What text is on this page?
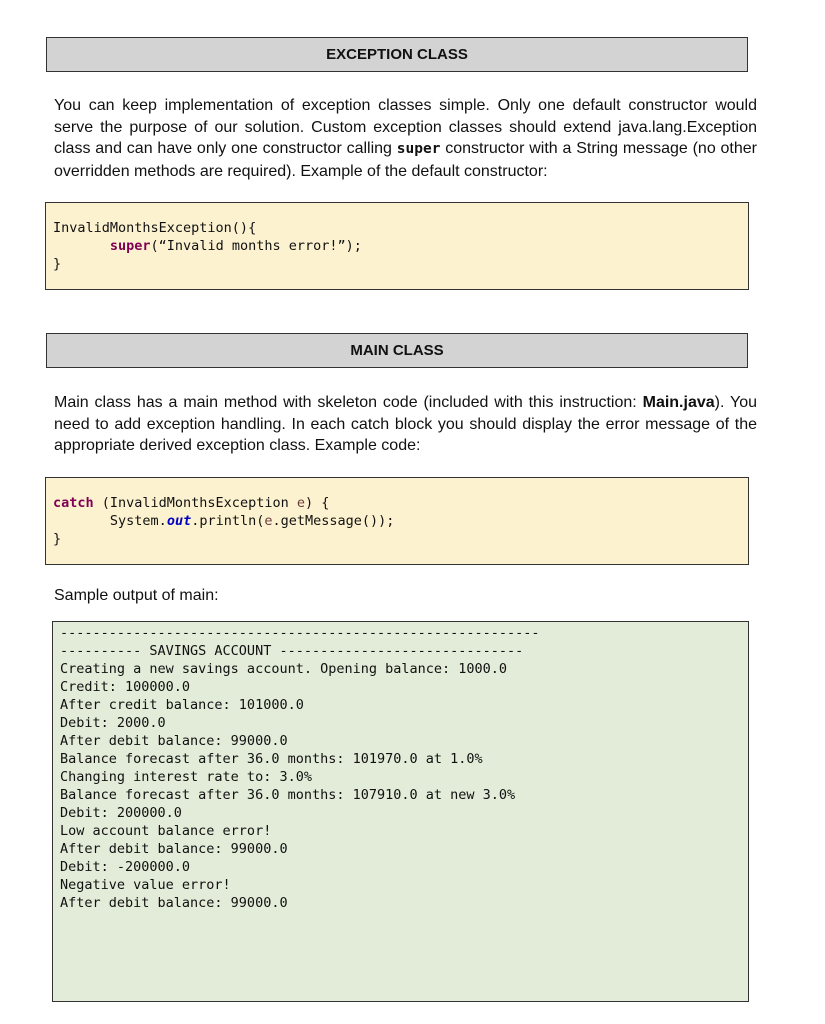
EXCEPTION CLASS

You can keep implementation of exception classes simple. Only one default constructor would serve the purpose of our solution. Custom exception classes should extend java.lang.Exception class and can have only one constructor calling super constructor with a String message (no other overridden methods are required). Example of the default constructor:

InvalidMonthsException(){
super(“Invalid months error!”);
}
MAIN CLASS

Main class has a main method with skeleton code (included with this instruction: Main.java). You need to add exception handling. In each catch block you should display the error message of the appropriate derived exception class. Example code:

catch (InvalidMonthsException e) {
System.out.println(e.getMessage());
}
Sample output of main:
-----------------------------------------------------------
---------- SAVINGS ACCOUNT ------------------------------
Creating a new savings account. Opening balance: 1000.0
Credit: 100000.0
After credit balance: 101000.0
Debit: 2000.0
After debit balance: 99000.0
Balance forecast after 36.0 months: 101970.0 at 1.0%
Changing interest rate to: 3.0%
Balance forecast after 36.0 months: 107910.0 at new 3.0%
Debit: 200000.0
Low account balance error!
After debit balance: 99000.0
Debit: -200000.0
Negative value error!
After debit balance: 99000.0
